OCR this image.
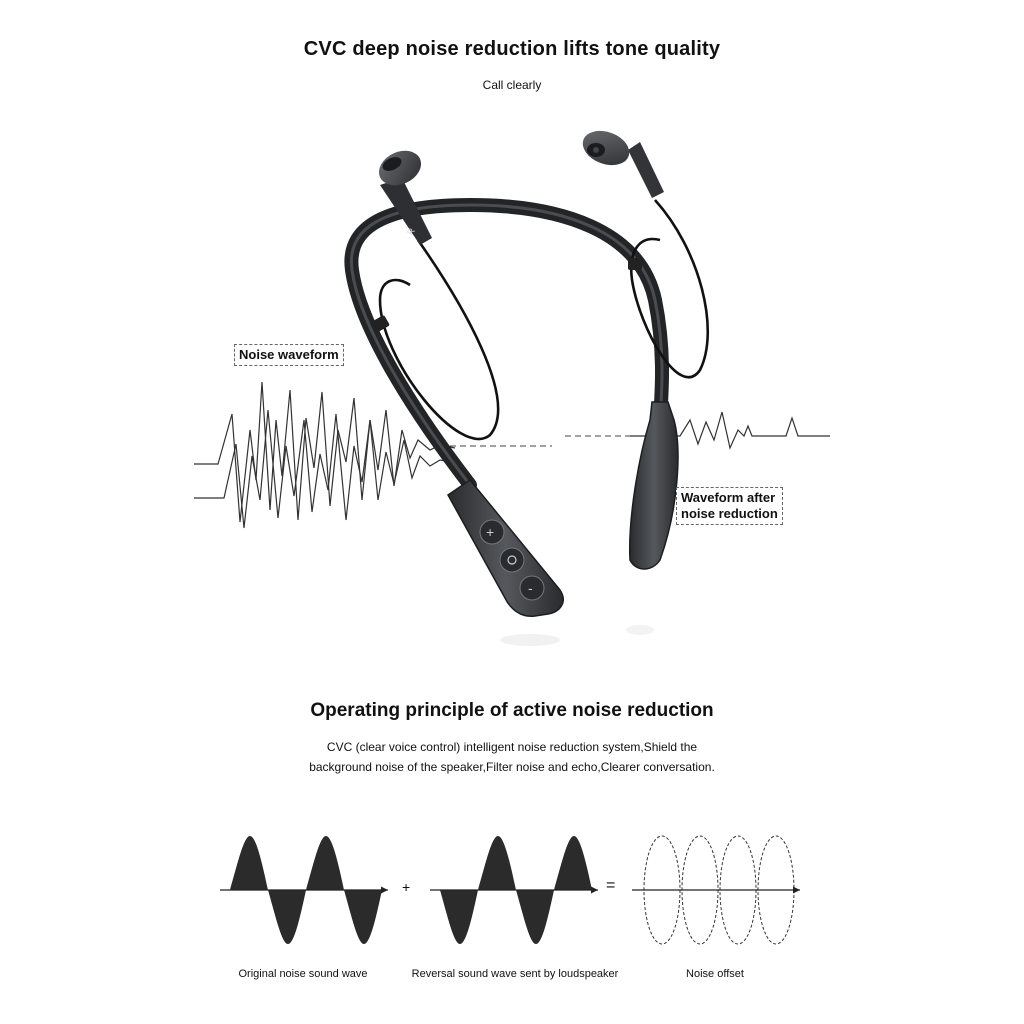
R
+
-
CVC deep noise reduction lifts tone quality
Call clearly
Noise waveform
Waveform after
noise reduction
Operating principle of active noise reduction
CVC (clear voice control) intelligent noise reduction system,Shield the
background noise of the speaker,Filter noise and echo,Clearer conversation.
+	=
Original noise sound wave	Reversal sound wave sent by loudspeaker	Noise offset
